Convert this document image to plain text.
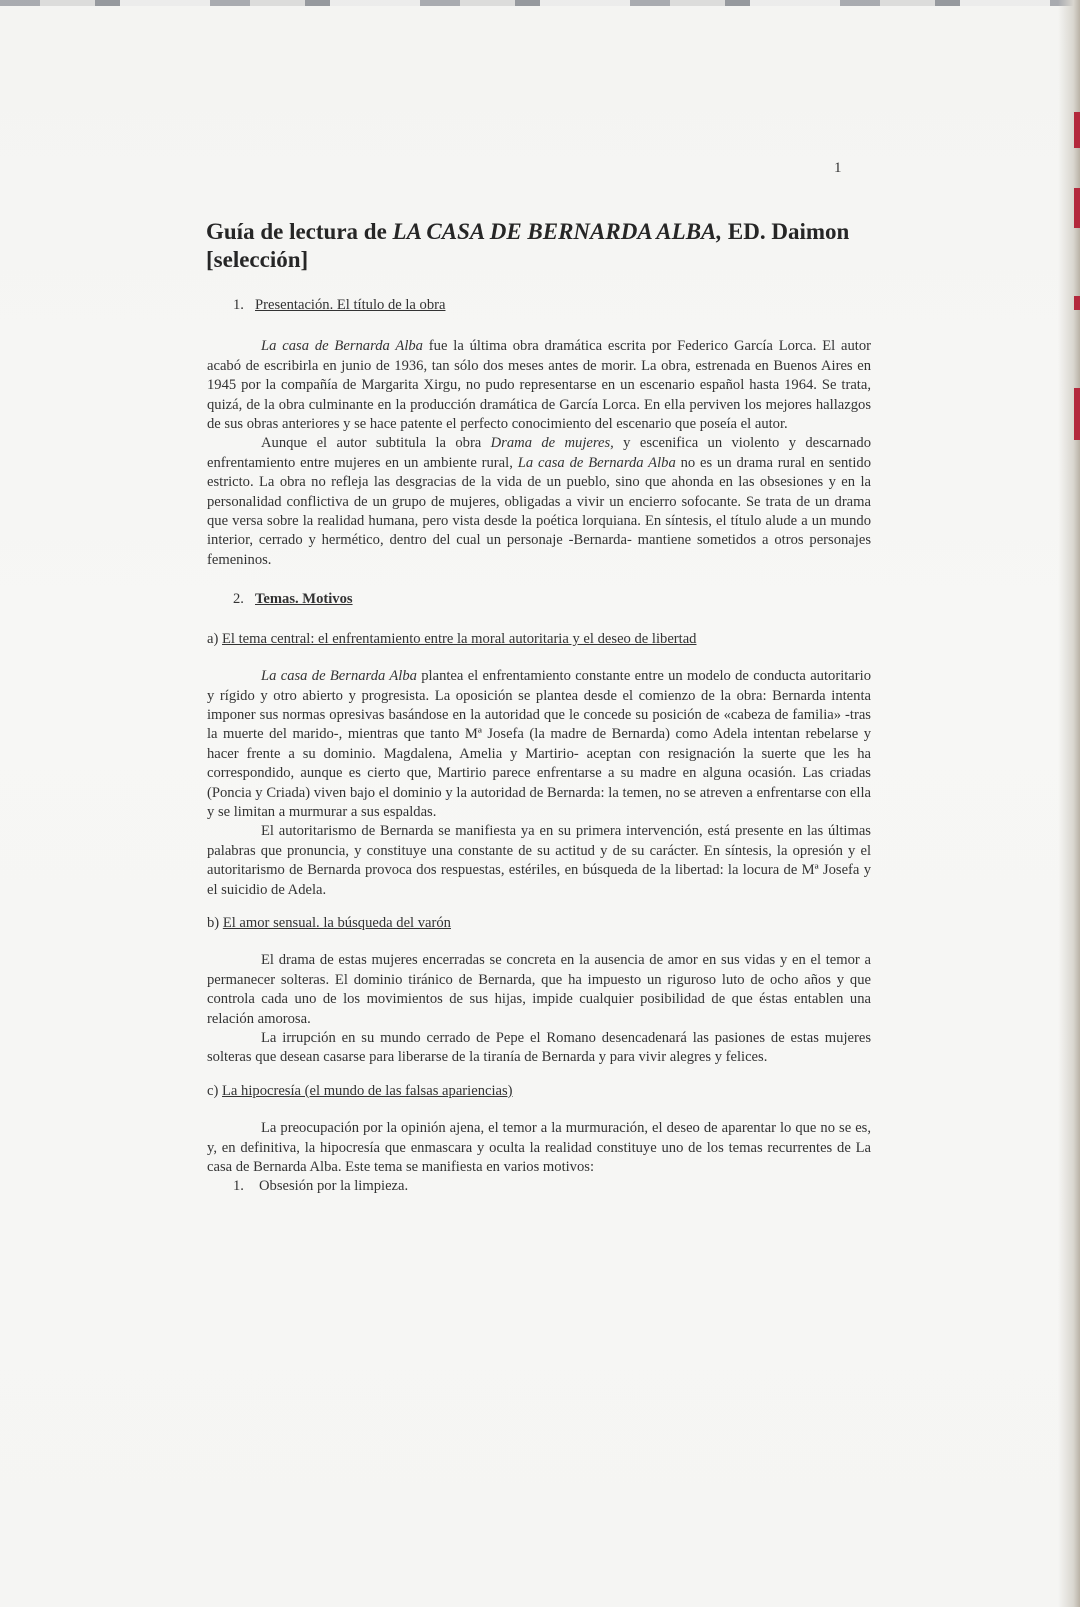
1
Guía de lectura de LA CASA DE BERNARDA ALBA, ED. Daimon [selección]
1. Presentación. El título de la obra

La casa de Bernarda Alba fue la última obra dramática escrita por Federico García Lorca. El autor acabó de escribirla en junio de 1936, tan sólo dos meses antes de morir. La obra, estrenada en Buenos Aires en 1945 por la compañía de Margarita Xirgu, no pudo representarse en un escenario español hasta 1964. Se trata, quizá, de la obra culminante en la producción dramática de García Lorca. En ella perviven los mejores hallazgos de sus obras anteriores y se hace patente el perfecto conocimiento del escenario que poseía el autor.

Aunque el autor subtitula la obra Drama de mujeres, y escenifica un violento y descarnado enfrentamiento entre mujeres en un ambiente rural, La casa de Bernarda Alba no es un drama rural en sentido estricto. La obra no refleja las desgracias de la vida de un pueblo, sino que ahonda en las obsesiones y en la personalidad conflictiva de un grupo de mujeres, obligadas a vivir un encierro sofocante. Se trata de un drama que versa sobre la realidad humana, pero vista desde la poética lorquiana. En síntesis, el título alude a un mundo interior, cerrado y hermético, dentro del cual un personaje -Bernarda- mantiene sometidos a otros personajes femeninos.

2. Temas. Motivos
a) El tema central: el enfrentamiento entre la moral autoritaria y el deseo de libertad

La casa de Bernarda Alba plantea el enfrentamiento constante entre un modelo de conducta autoritario y rígido y otro abierto y progresista. La oposición se plantea desde el comienzo de la obra: Bernarda intenta imponer sus normas opresivas basándose en la autoridad que le concede su posición de «cabeza de familia» -tras la muerte del marido-, mientras que tanto Mª Josefa (la madre de Bernarda) como Adela intentan rebelarse y hacer frente a su dominio. Magdalena, Amelia y Martirio- aceptan con resignación la suerte que les ha correspondido, aunque es cierto que, Martirio parece enfrentarse a su madre en alguna ocasión. Las criadas (Poncia y Criada) viven bajo el dominio y la autoridad de Bernarda: la temen, no se atreven a enfrentarse con ella y se limitan a murmurar a sus espaldas.

El autoritarismo de Bernarda se manifiesta ya en su primera intervención, está presente en las últimas palabras que pronuncia, y constituye una constante de su actitud y de su carácter. En síntesis, la opresión y el autoritarismo de Bernarda provoca dos respuestas, estériles, en búsqueda de la libertad: la locura de Mª Josefa y el suicidio de Adela.

b) El amor sensual. la búsqueda del varón

El drama de estas mujeres encerradas se concreta en la ausencia de amor en sus vidas y en el temor a permanecer solteras. El dominio tiránico de Bernarda, que ha impuesto un riguroso luto de ocho años y que controla cada uno de los movimientos de sus hijas, impide cualquier posibilidad de que éstas entablen una relación amorosa.

La irrupción en su mundo cerrado de Pepe el Romano desencadenará las pasiones de estas mujeres solteras que desean casarse para liberarse de la tiranía de Bernarda y para vivir alegres y felices.

c) La hipocresía (el mundo de las falsas apariencias)

La preocupación por la opinión ajena, el temor a la murmuración, el deseo de aparentar lo que no se es, y, en definitiva, la hipocresía que enmascara y oculta la realidad constituye uno de los temas recurrentes de La casa de Bernarda Alba. Este tema se manifiesta en varios motivos:

1. Obsesión por la limpieza.
